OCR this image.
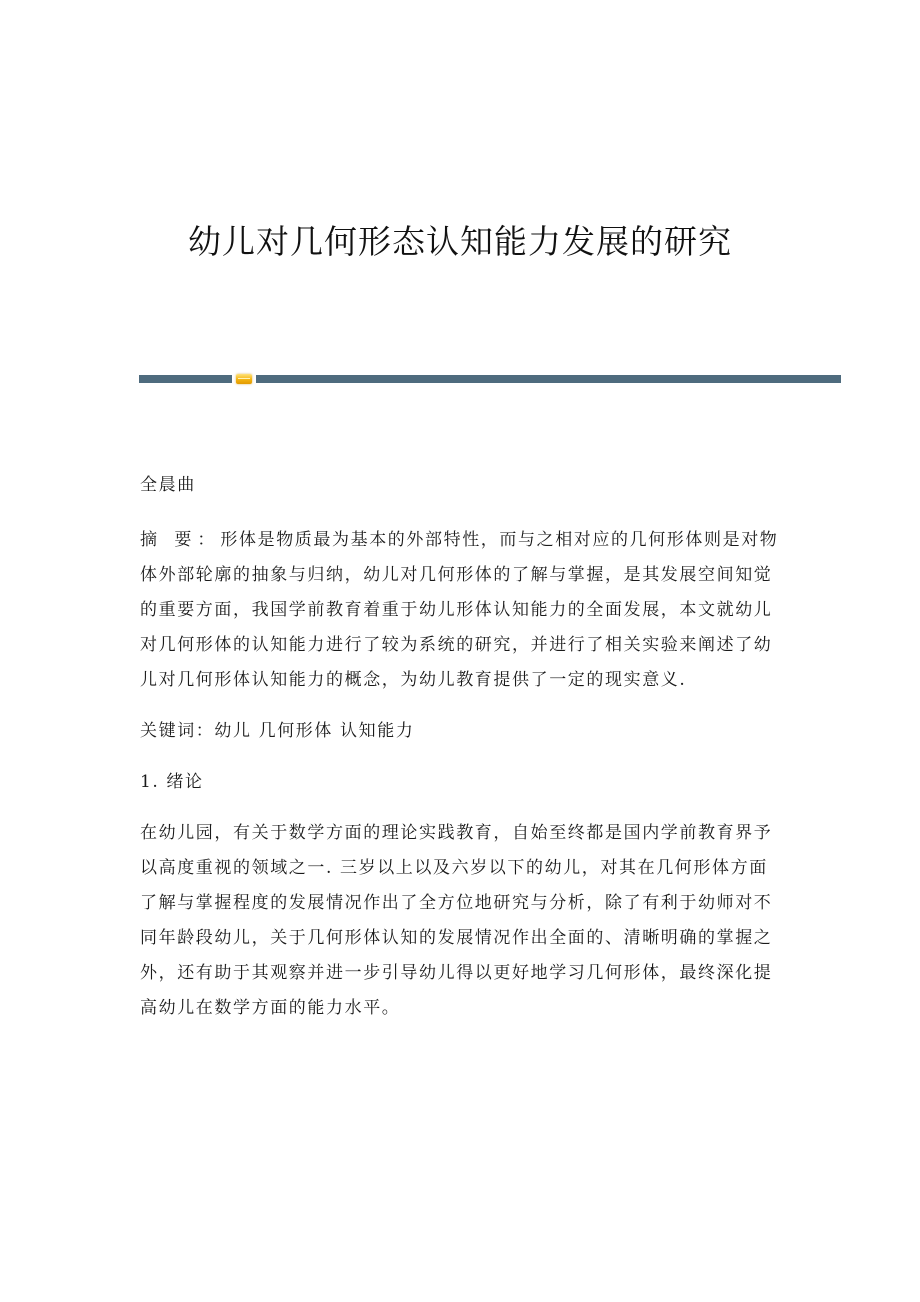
幼儿对几何形态认知能力发展的研究

全晨曲

摘 要：形体是物质最为基本的外部特性，而与之相对应的几何形体则是对物体外部轮廓的抽象与归纳，幼儿对几何形体的了解与掌握，是其发展空间知觉的重要方面，我国学前教育着重于幼儿形体认知能力的全面发展，本文就幼儿对几何形体的认知能力进行了较为系统的研究，并进行了相关实验来阐述了幼儿对几何形体认知能力的概念，为幼儿教育提供了一定的现实意义.

关键词：幼儿 几何形体 认知能力

1. 绪论

在幼儿园，有关于数学方面的理论实践教育，自始至终都是国内学前教育界予以高度重视的领域之一. 三岁以上以及六岁以下的幼儿，对其在几何形体方面了解与掌握程度的发展情况作出了全方位地研究与分析，除了有利于幼师对不同年龄段幼儿，关于几何形体认知的发展情况作出全面的、清晰明确的掌握之外，还有助于其观察并进一步引导幼儿得以更好地学习几何形体，最终深化提高幼儿在数学方面的能力水平。
